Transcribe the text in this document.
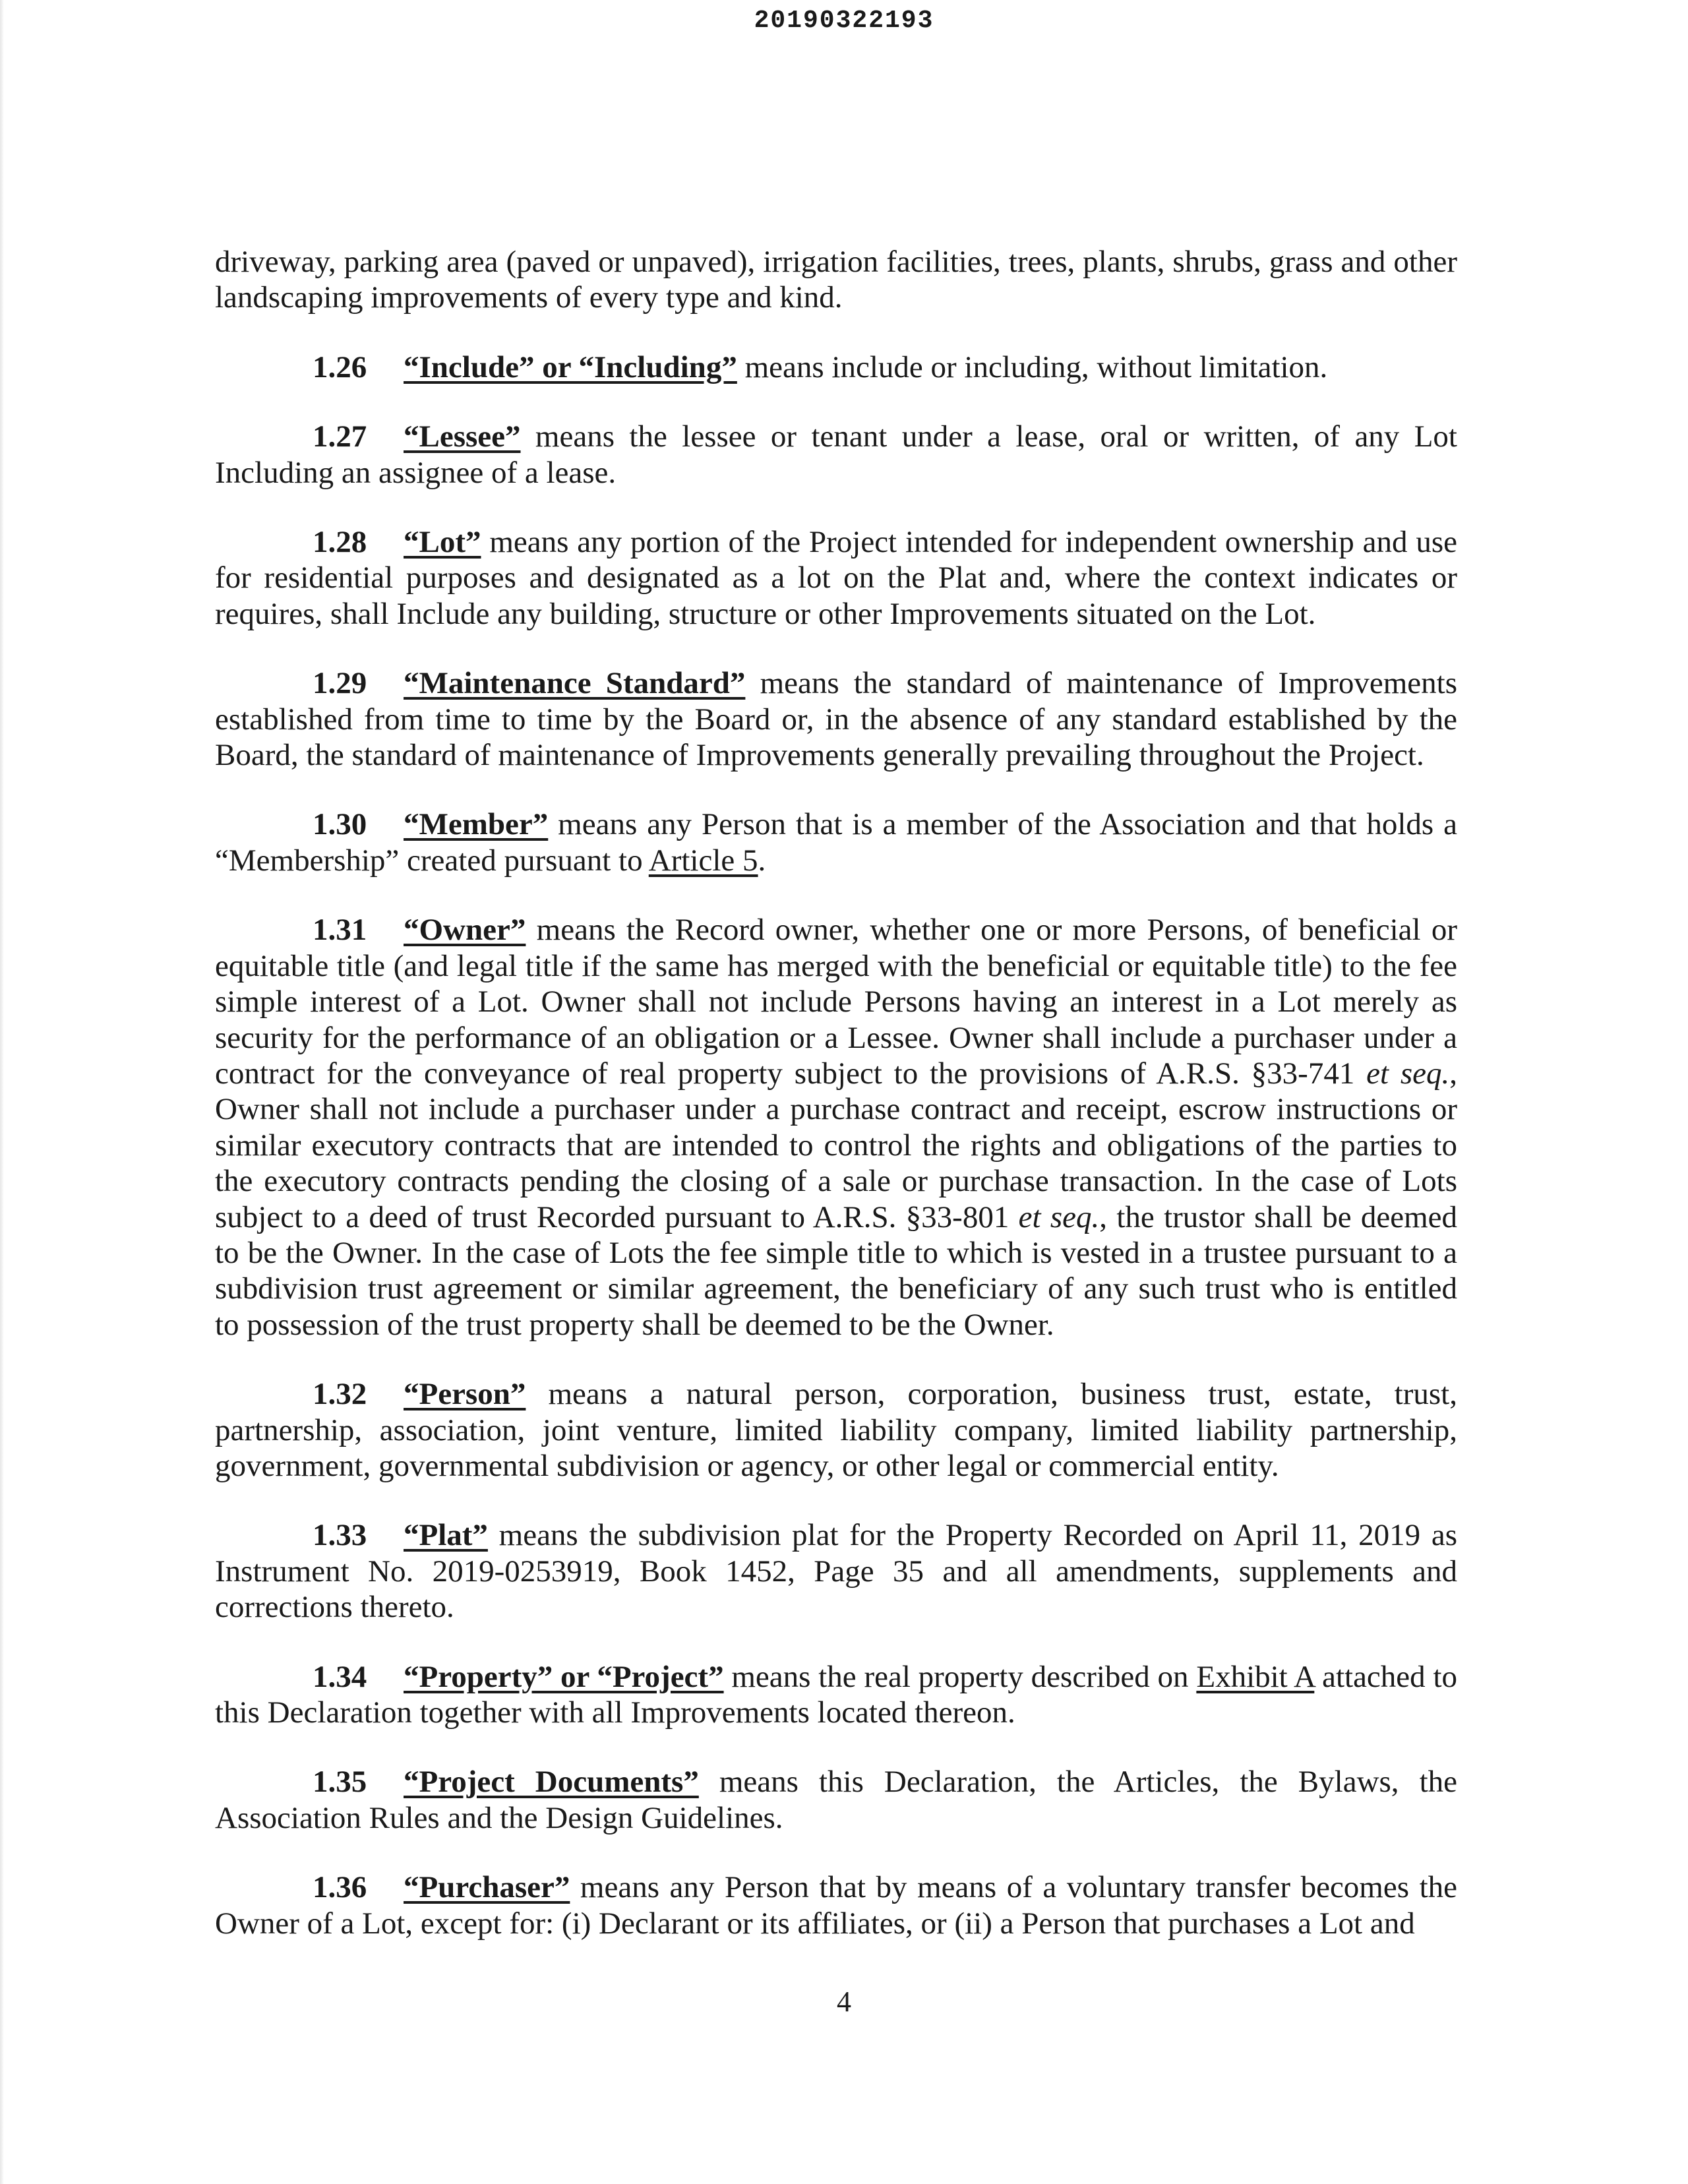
20190322193

driveway, parking area (paved or unpaved), irrigation facilities, trees, plants, shrubs, grass and other landscaping improvements of every type and kind.

1.26 “Include” or “Including” means include or including, without limitation.

1.27 “Lessee” means the lessee or tenant under a lease, oral or written, of any Lot Including an assignee of a lease.

1.28 “Lot” means any portion of the Project intended for independent ownership and use for residential purposes and designated as a lot on the Plat and, where the context indicates or requires, shall Include any building, structure or other Improvements situated on the Lot.

1.29 “Maintenance Standard” means the standard of maintenance of Improvements established from time to time by the Board or, in the absence of any standard established by the Board, the standard of maintenance of Improvements generally prevailing throughout the Project.

1.30 “Member” means any Person that is a member of the Association and that holds a “Membership” created pursuant to Article 5.

1.31 “Owner” means the Record owner, whether one or more Persons, of beneficial or equitable title (and legal title if the same has merged with the beneficial or equitable title) to the fee simple interest of a Lot. Owner shall not include Persons having an interest in a Lot merely as security for the performance of an obligation or a Lessee. Owner shall include a purchaser under a contract for the conveyance of real property subject to the provisions of A.R.S. §33-741 et seq., Owner shall not include a purchaser under a purchase contract and receipt, escrow instructions or similar executory contracts that are intended to control the rights and obligations of the parties to the executory contracts pending the closing of a sale or purchase transaction. In the case of Lots subject to a deed of trust Recorded pursuant to A.R.S. §33-801 et seq., the trustor shall be deemed to be the Owner. In the case of Lots the fee simple title to which is vested in a trustee pursuant to a subdivision trust agreement or similar agreement, the beneficiary of any such trust who is entitled to possession of the trust property shall be deemed to be the Owner.

1.32 “Person” means a natural person, corporation, business trust, estate, trust, partnership, association, joint venture, limited liability company, limited liability partnership, government, governmental subdivision or agency, or other legal or commercial entity.

1.33 “Plat” means the subdivision plat for the Property Recorded on April 11, 2019 as Instrument No. 2019-0253919, Book 1452, Page 35 and all amendments, supplements and corrections thereto.

1.34 “Property” or “Project” means the real property described on Exhibit A attached to this Declaration together with all Improvements located thereon.

1.35 “Project Documents” means this Declaration, the Articles, the Bylaws, the Association Rules and the Design Guidelines.

1.36 “Purchaser” means any Person that by means of a voluntary transfer becomes the Owner of a Lot, except for: (i) Declarant or its affiliates, or (ii) a Person that purchases a Lot and

4
